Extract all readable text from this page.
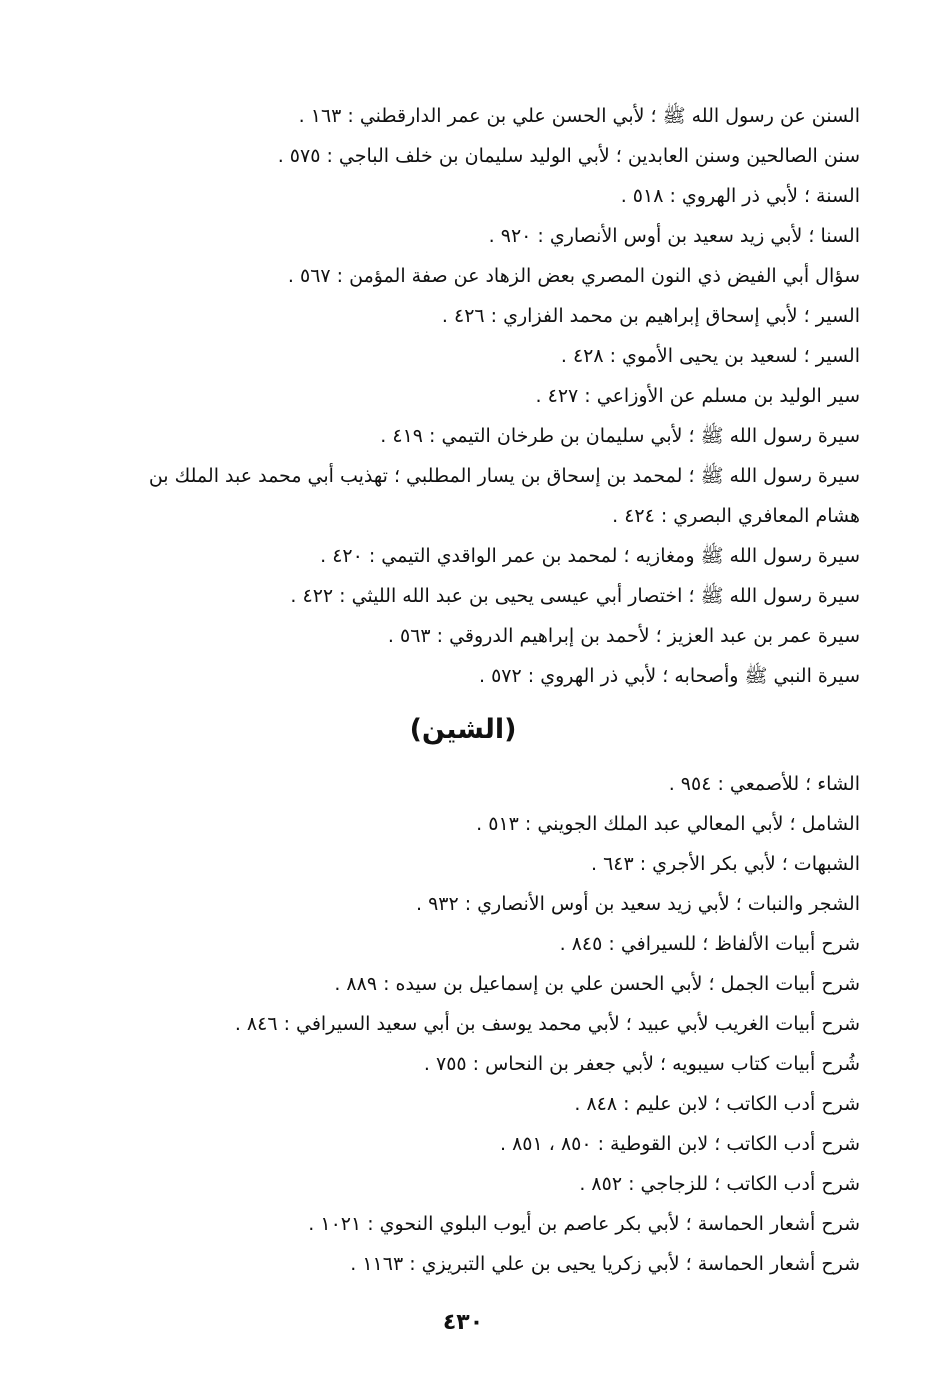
السنن عن رسول الله ﷺ ؛ لأبي الحسن علي بن عمر الدارقطني : ١٦٣ .
سنن الصالحين وسنن العابدين ؛ لأبي الوليد سليمان بن خلف الباجي : ٥٧٥ .
السنة ؛ لأبي ذر الهروي : ٥١٨ .
السنا ؛ لأبي زيد سعيد بن أوس الأنصاري : ٩٢٠ .
سؤال أبي الفيض ذي النون المصري بعض الزهاد عن صفة المؤمن : ٥٦٧ .
السير ؛ لأبي إسحاق إبراهيم بن محمد الفزاري : ٤٢٦ .
السير ؛ لسعيد بن يحيى الأموي : ٤٢٨ .
سير الوليد بن مسلم عن الأوزاعي : ٤٢٧ .
سيرة رسول الله ﷺ ؛ لأبي سليمان بن طرخان التيمي : ٤١٩ .
سيرة رسول الله ﷺ ؛ لمحمد بن إسحاق بن يسار المطلبي ؛ تهذيب أبي محمد عبد الملك بن
هشام المعافري البصري : ٤٢٤ .
سيرة رسول الله ﷺ ومغازيه ؛ لمحمد بن عمر الواقدي التيمي : ٤٢٠ .
سيرة رسول الله ﷺ ؛ اختصار أبي عيسى يحيى بن عبد الله الليثي : ٤٢٢ .
سيرة عمر بن عبد العزيز ؛ لأحمد بن إبراهيم الدروقي : ٥٦٣ .
سيرة النبي ﷺ وأصحابه ؛ لأبي ذر الهروي : ٥٧٢ .
(الشين)
الشاء ؛ للأصمعي : ٩٥٤ .
الشامل ؛ لأبي المعالي عبد الملك الجويني : ٥١٣ .
الشبهات ؛ لأبي بكر الأجري : ٦٤٣ .
الشجر والنبات ؛ لأبي زيد سعيد بن أوس الأنصاري : ٩٣٢ .
شرح أبيات الألفاظ ؛ للسيرافي : ٨٤٥ .
شرح أبيات الجمل ؛ لأبي الحسن علي بن إسماعيل بن سيده : ٨٨٩ .
شرح أبيات الغريب لأبي عبيد ؛ لأبي محمد يوسف بن أبي سعيد السيرافي : ٨٤٦ .
شُرح أبيات كتاب سيبويه ؛ لأبي جعفر بن النحاس : ٧٥٥ .
شرح أدب الكاتب ؛ لابن عليم : ٨٤٨ .
شرح أدب الكاتب ؛ لابن القوطية : ٨٥٠ ، ٨٥١ .
شرح أدب الكاتب ؛ للزجاجي : ٨٥٢ .
شرح أشعار الحماسة ؛ لأبي بكر عاصم بن أيوب البلوي النحوي : ١٠٢١ .
شرح أشعار الحماسة ؛ لأبي زكريا يحيى بن علي التبريزي : ١١٦٣ .
٤٣٠
